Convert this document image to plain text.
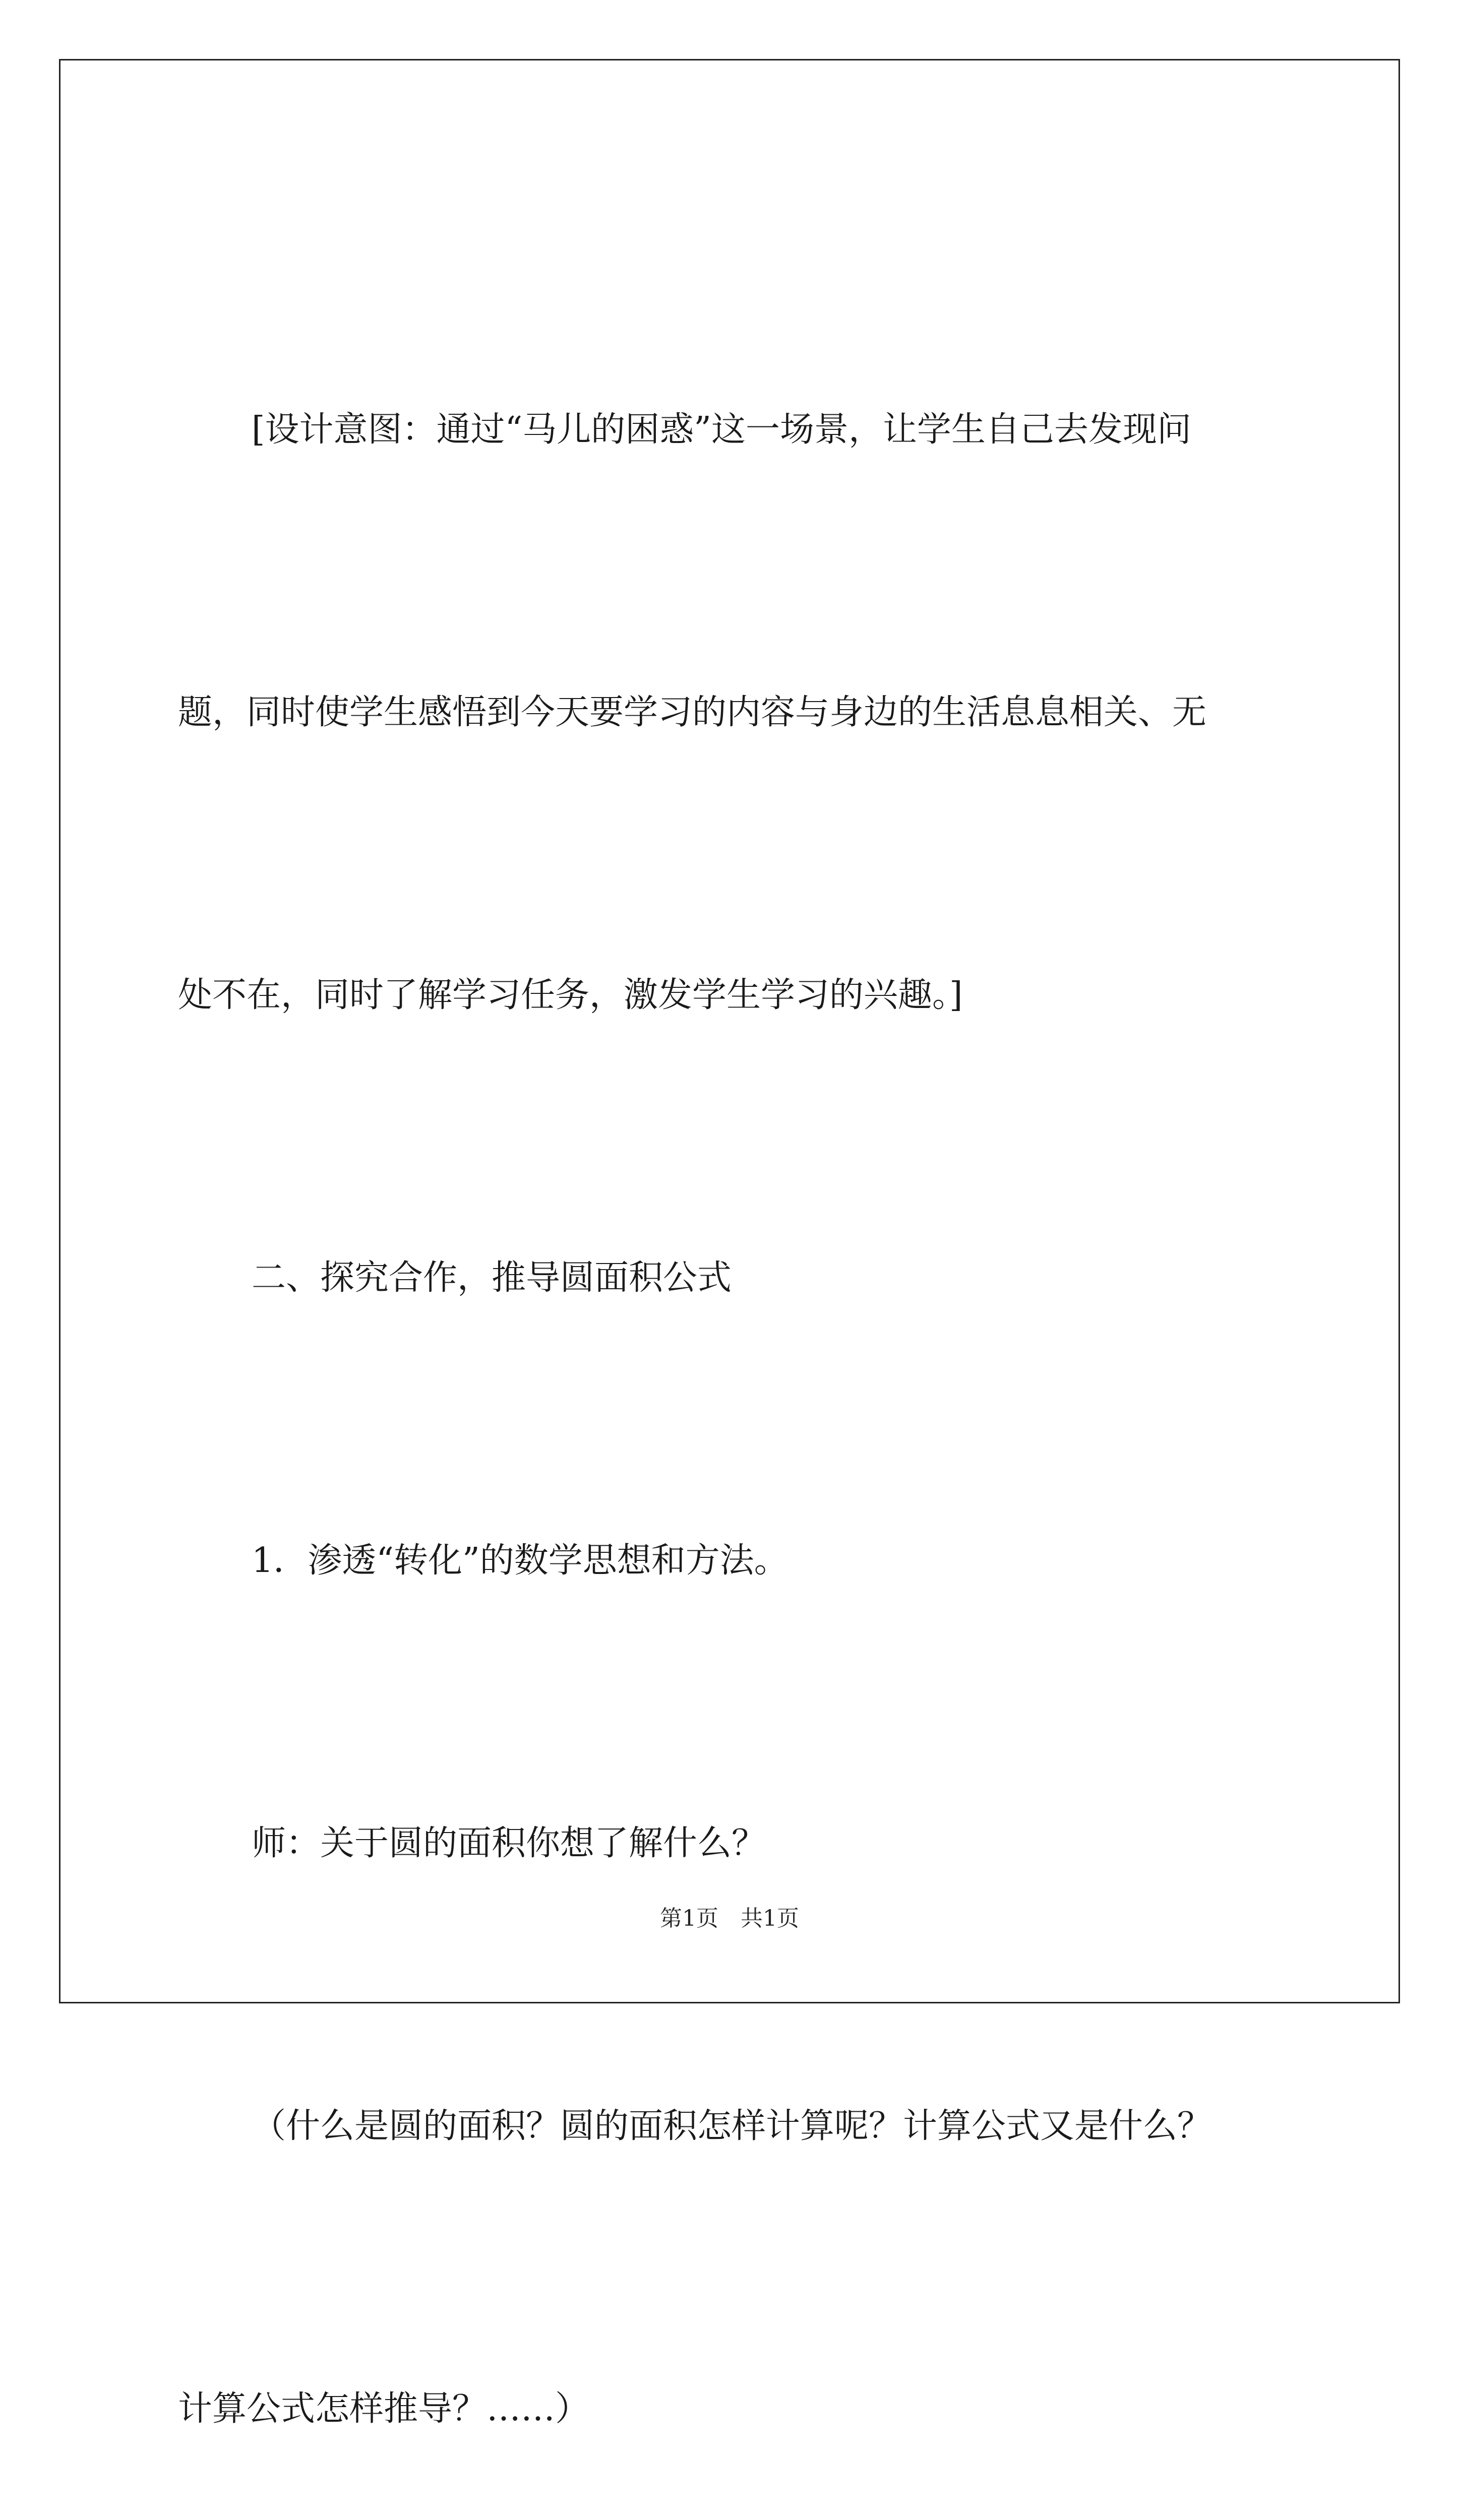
[设计意图：通过“马儿的困惑”这一场景，让学生自己去发现问

题，同时使学生感悟到今天要学习的内容与身边的生活息息相关、无

处不在，同时了解学习任务，激发学生学习的兴趣。]

二、探究合作，推导圆面积公式

1．渗透“转化”的数学思想和方法。

师：关于圆的面积你想了解什么？

（什么是圆的面积？圆的面积怎样计算呢？计算公式又是什么？

计算公式怎样推导？……）

第1页　共1页
